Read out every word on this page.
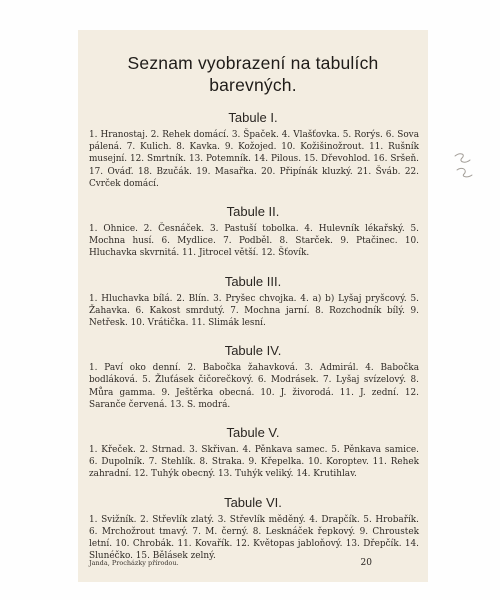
Seznam vyobrazení na tabulích
barevných.
Tabule I.
1. Hranostaj. 2. Rehek domácí. 3. Špaček. 4. Vlašťovka. 5. Rorýs. 6. Sova pálená. 7. Kulich. 8. Kavka. 9. Kožojed. 10. Kožišinožrout. 11. Rušník musejní. 12. Smrtník. 13. Potemník. 14. Pilous. 15. Dřevohlod. 16. Sršeň. 17. Ováď. 18. Bzučák. 19. Masařka. 20. Připínák kluzký. 21. Šváb. 22. Cvrček domácí.
Tabule II.
1. Ohnice. 2. Česnáček. 3. Pastuší tobolka. 4. Hulevník lékařský. 5. Mochna husí. 6. Mydlice. 7. Podběl. 8. Starček. 9. Ptačinec. 10. Hluchavka skvrnitá. 11. Jitrocel větší. 12. Šťovík.
Tabule III.
1. Hluchavka bílá. 2. Blín. 3. Pryšec chvojka. 4. a) b) Lyšaj pryšcový. 5. Žahavka. 6. Kakost smrdutý. 7. Mochna jarní. 8. Rozchodník bílý. 9. Netřesk. 10. Vrátička. 11. Slimák lesní.
Tabule IV.
1. Paví oko denní. 2. Babočka žahavková. 3. Admirál. 4. Babočka bodláková. 5. Žluťásek čičorečkový. 6. Modrásek. 7. Lyšaj svízelový. 8. Můra gamma. 9. Ještěrka obecná. 10. J. živorodá. 11. J. zední. 12. Saranče červená. 13. S. modrá.
Tabule V.
1. Křeček. 2. Strnad. 3. Skřivan. 4. Pěnkava samec. 5. Pěnkava samice. 6. Dupolník. 7. Stehlík. 8. Straka. 9. Křepelka. 10. Koroptev. 11. Rehek zahradní. 12. Tuhýk obecný. 13. Tuhýk veliký. 14. Krutihlav.
Tabule VI.
1. Svižník. 2. Střevlík zlatý. 3. Střevlík měděný. 4. Drapčík. 5. Hrobařík. 6. Mrchožrout tmavý. 7. M. černý. 8. Lesknáček řepkový. 9. Chroustek letní. 10. Chrobák. 11. Kovařík. 12. Květopas jabloňový. 13. Dřepčík. 14. Slunéčko. 15. Bělásek zelný.
Janda, Procházky přírodou.	20
